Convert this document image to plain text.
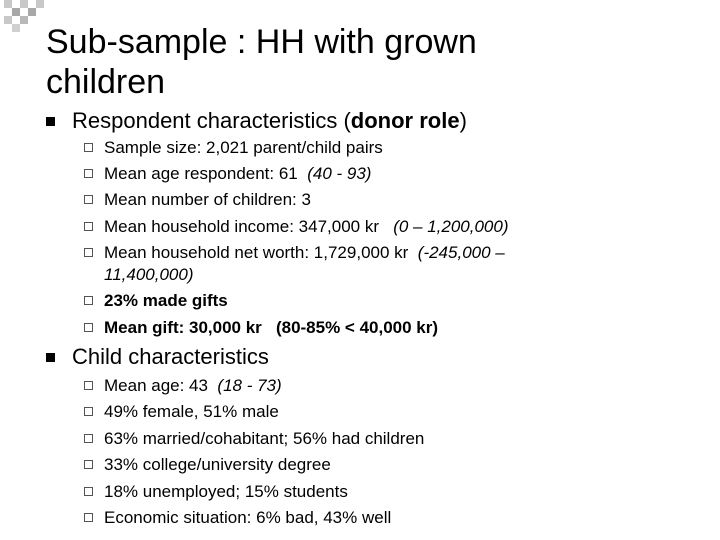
Sub-sample : HH with grown
children
Respondent characteristics (donor role)
Sample size: 2,021 parent/child pairs
Mean age respondent: 61 (40 - 93)
Mean number of children: 3
Mean household income: 347,000 kr (0 – 1,200,000)
Mean household net worth: 1,729,000 kr (-245,000 –
11,400,000)
23% made gifts
Mean gift: 30,000 kr (80-85% < 40,000 kr)
Child characteristics
Mean age: 43 (18 - 73)
49% female, 51% male
63% married/cohabitant; 56% had children
33% college/university degree
18% unemployed; 15% students
Economic situation: 6% bad, 43% well
